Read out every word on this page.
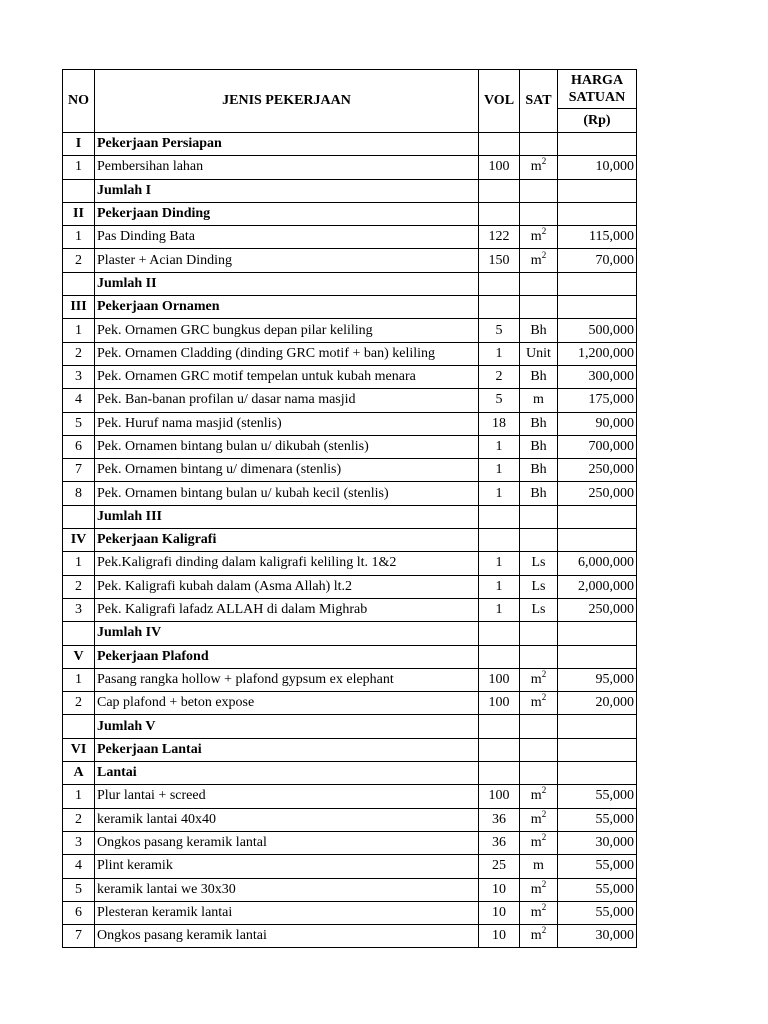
NO	JENIS PEKERJAAN	VOL	SAT	HARGA
SATUAN
				(Rp)
I	Pekerjaan Persiapan			
1	Pembersihan lahan	100	$m^2$	10,000
	Jumlah I			
II	Pekerjaan Dinding			
1	Pas Dinding Bata	122	$m^2$	115,000
2	Plaster + Acian Dinding	150	$m^2$	70,000
	Jumlah II			
III	Pekerjaan Ornamen			
1	Pek. Ornamen GRC bungkus depan pilar keliling	5	Bh	500,000
2	Pek. Ornamen Cladding (dinding GRC motif + ban) keliling	1	Unit	1,200,000
3	Pek. Ornamen GRC motif tempelan untuk kubah menara	2	Bh	300,000
4	Pek. Ban-banan profilan u/ dasar nama masjid	5	m	175,000
5	Pek. Huruf nama masjid (stenlis)	18	Bh	90,000
6	Pek. Ornamen bintang bulan u/ dikubah (stenlis)	1	Bh	700,000
7	Pek. Ornamen bintang u/ dimenara (stenlis)	1	Bh	250,000
8	Pek. Ornamen bintang bulan u/ kubah kecil (stenlis)	1	Bh	250,000
	Jumlah III			
IV	Pekerjaan Kaligrafi			
1	Pek.Kaligrafi dinding dalam kaligrafi keliling lt. 1&2	1	Ls	6,000,000
2	Pek. Kaligrafi kubah dalam (Asma Allah) lt.2	1	Ls	2,000,000
3	Pek. Kaligrafi lafadz ALLAH di dalam Mighrab	1	Ls	250,000
	Jumlah IV			
V	Pekerjaan Plafond			
1	Pasang rangka hollow + plafond gypsum ex elephant	100	$m^2$	95,000
2	Cap plafond + beton expose	100	$m^2$	20,000
	Jumlah V			
VI	Pekerjaan Lantai			
A	Lantai			
1	Plur lantai + screed	100	$m^2$	55,000
2	keramik lantai 40x40	36	$m^2$	55,000
3	Ongkos pasang keramik lantal	36	$m^2$	30,000
4	Plint keramik	25	m	55,000
5	keramik lantai we 30x30	10	$m^2$	55,000
6	Plesteran keramik lantai	10	$m^2$	55,000
7	Ongkos pasang keramik lantai	10	$m^2$	30,000
